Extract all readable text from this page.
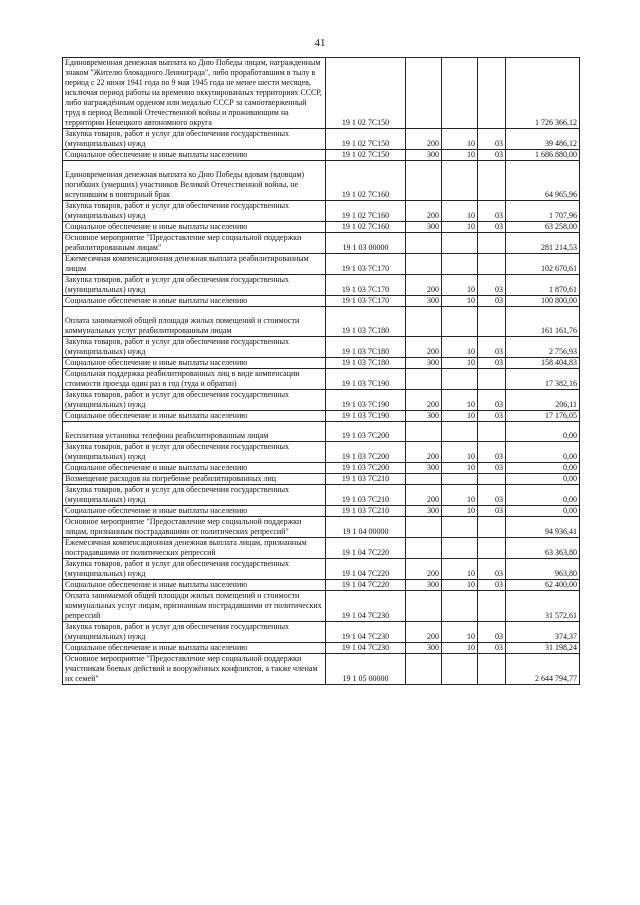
41
Единовременная денежная выплата ко Дню Победы лицам, награжденным знаком "Жителю блокадного Ленинграда", либо проработавшим в тылу в период с 22 июня 1941 года по 9 мая 1945 года не менее шести месяцев, исключая период работы на временно оккупированных территориях СССР, либо награждённым орденом или медалью СССР за самоотверженный труд в период Великой Отечественной войны и проживающим на территории Ненецкого автономного округа	19 1 02 7С150				1 726 366,12
Закупка товаров, работ и услуг для обеспечения государственных (муниципальных) нужд	19 1 02 7С150	200	10	03	39 486,12
Социальное обеспечение и иные выплаты населению	19 1 02 7С150	300	10	03	1 686 880,00
Единовременная денежная выплата ко Дню Победы вдовам (вдовцам) погибших (умерших) участников Великой Отечественной войны, не вступившим в повторный брак	19 1 02 7С160				64 965,96
Закупка товаров, работ и услуг для обеспечения государственных (муниципальных) нужд	19 1 02 7С160	200	10	03	1 707,96
Социальное обеспечение и иные выплаты населению	19 1 02 7С160	300	10	03	63 258,00
Основное мероприятие "Предоставление мер социальной поддержки реабилитированным лицам"	19 1 03 00000				281 214,53
Ежемесячная компенсационная денежная выплата реабилитированным лицам	19 1 03 7С170				102 670,61
Закупка товаров, работ и услуг для обеспечения государственных (муниципальных) нужд	19 1 03 7С170	200	10	03	1 870,61
Социальное обеспечение и иные выплаты населению	19 1 03 7С170	300	10	03	100 800,00
Оплата занимаемой общей площади жилых помещений и стоимости коммунальных услуг реабилитированным лицам	19 1 03 7С180				161 161,76
Закупка товаров, работ и услуг для обеспечения государственных (муниципальных) нужд	19 1 03 7С180	200	10	03	2 756,93
Социальное обеспечение и иные выплаты населению	19 1 03 7С180	300	10	03	158 404,83
Социальная поддержка реабилитированных лиц в виде компенсации стоимости проезда один раз в год (туда и обратно)	19 1 03 7С190				17 382,16
Закупка товаров, работ и услуг для обеспечения государственных (муниципальных) нужд	19 1 03 7С190	200	10	03	206,11
Социальное обеспечение и иные выплаты населению	19 1 03 7С190	300	10	03	17 176,05
Бесплатная установка телефона реабилитированным лицам	19 1 03 7С200				0,00
Закупка товаров, работ и услуг для обеспечения государственных (муниципальных) нужд	19 1 03 7С200	200	10	03	0,00
Социальное обеспечение и иные выплаты населению	19 1 03 7С200	300	10	03	0,00
Возмещение расходов на погребение реабилитированных лиц	19 1 03 7С210				0,00
Закупка товаров, работ и услуг для обеспечения государственных (муниципальных) нужд	19 1 03 7С210	200	10	03	0,00
Социальное обеспечение и иные выплаты населению	19 1 03 7С210	300	10	03	0,00
Основное мероприятие "Предоставление мер социальной поддержки лицам, признанным пострадавшими от политических репрессий"	19 1 04 00000				94 936,41
Ежемесячная компенсационная денежная выплата лицам, признанным пострадавшими от политических репрессий	19 1 04 7С220				63 363,80
Закупка товаров, работ и услуг для обеспечения государственных (муниципальных) нужд	19 1 04 7С220	200	10	03	963,80
Социальное обеспечение и иные выплаты населению	19 1 04 7С220	300	10	03	62 400,00
Оплата занимаемой общей площади жилых помещений и стоимости коммунальных услуг лицам, признанным пострадавшими от политических репрессий	19 1 04 7С230				31 572,61
Закупка товаров, работ и услуг для обеспечения государственных (муниципальных) нужд	19 1 04 7С230	200	10	03	374,37
Социальное обеспечение и иные выплаты населению	19 1 04 7С230	300	10	03	31 198,24
Основное мероприятие "Предоставление мер социальной поддержки участникам боевых действий и вооружённых конфликтов, а также членам их семей"	19 1 05 00000				2 644 794,77
